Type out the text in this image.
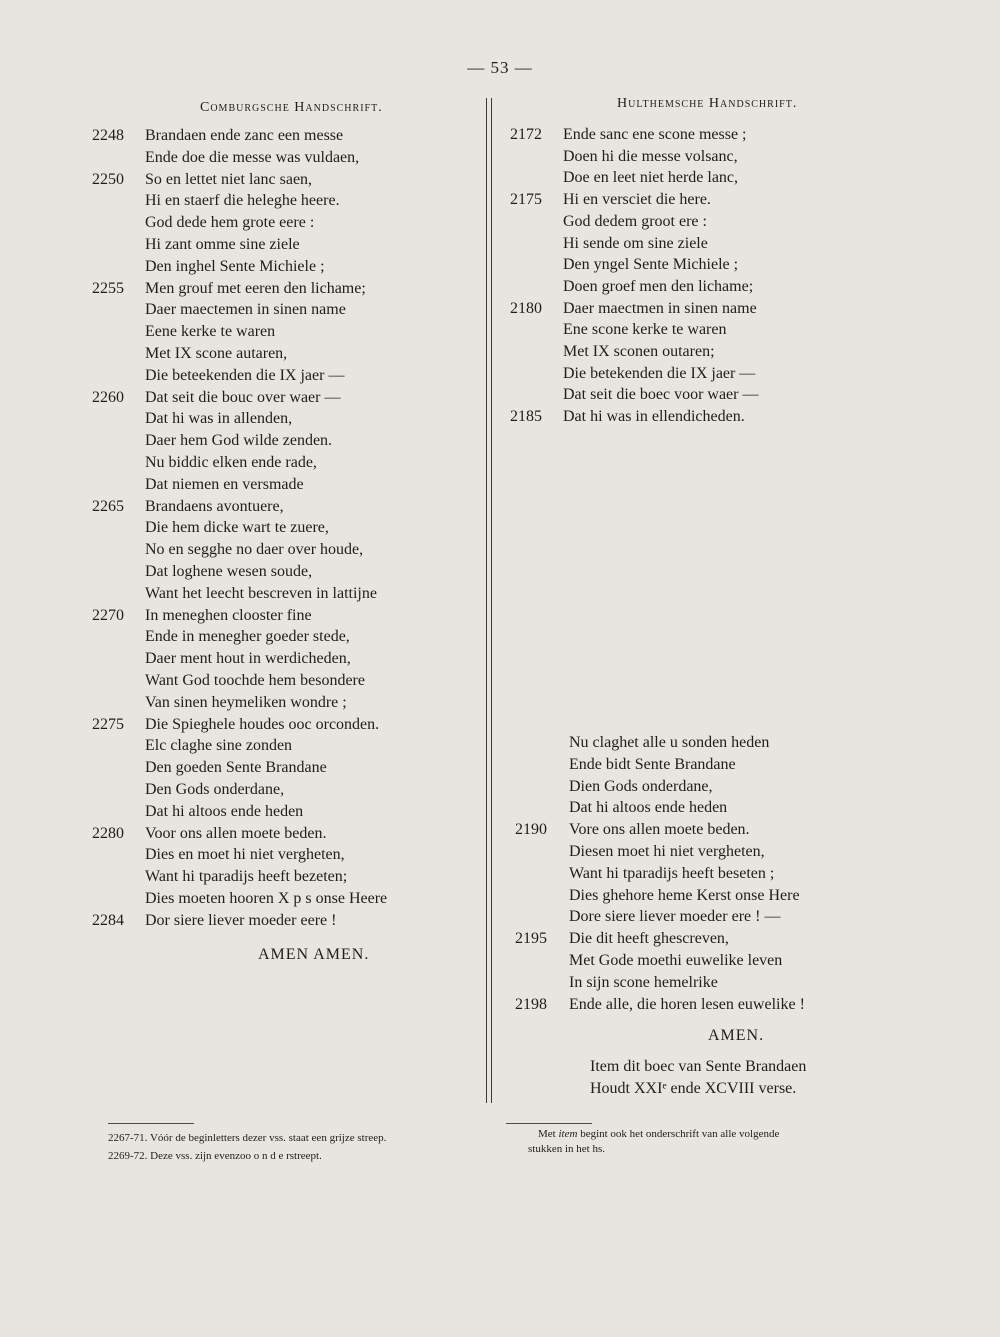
— 53 —
Comburgsche Handschrift.	Hulthemsche Handschrift.
2248 Brandaen ende zanc een messe
Ende doe die messe was vuldaen,
2250 So en lettet niet lanc saen,
Hi en staerf die heleghe heere.
God dede hem grote eere :
Hi zant omme sine ziele
Den inghel Sente Michiele ;
2255 Men grouf met eeren den lichame;
Daer maectemen in sinen name
Eene kerke te waren
Met IX scone autaren,
Die beteekenden die IX jaer —
2260 Dat seit die bouc over waer —
Dat hi was in allenden,
Daer hem God wilde zenden.
Nu biddic elken ende rade,
Dat niemen en versmade
2265 Brandaens avontuere,
Die hem dicke wart te zuere,
No en segghe no daer over houde,
Dat loghene wesen soude,
Want het leecht bescreven in lattijne
2270 In meneghen clooster fine
Ende in menegher goeder stede,
Daer ment hout in werdicheden,
Want God toochde hem besondere
Van sinen heymeliken wondre ;
2275 Die Spieghele houdes ooc orconden.
Elc claghe sine zonden
Den goeden Sente Brandane
Den Gods onderdane,
Dat hi altoos ende heden
2280 Voor ons allen moete beden.
Dies en moet hi niet vergheten,
Want hi tparadijs heeft bezeten;
Dies moeten hooren X p s onse Heere
2284 Dor siere liever moeder eere !
2172 Ende sanc ene scone messe ;
Doen hi die messe volsanc,
Doe en leet niet herde lanc,
2175 Hi en versciet die here.
God dedem groot ere :
Hi sende om sine ziele
Den yngel Sente Michiele ;
Doen groef men den lichame;
2180 Daer maectmen in sinen name
Ene scone kerke te waren
Met IX sconen outaren;
Die betekenden die IX jaer —
Dat seit die boec voor waer —
2185 Dat hi was in ellendicheden.
Nu claghet alle u sonden heden
Ende bidt Sente Brandane
Dien Gods onderdane,
Dat hi altoos ende heden
2190 Vore ons allen moete beden.
Diesen moet hi niet vergheten,
Want hi tparadijs heeft beseten ;
Dies ghehore heme Kerst onse Here
Dore siere liever moeder ere ! —
2195 Die dit heeft ghescreven,
Met Gode moethi euwelike leven
In sijn scone hemelrike
2198 Ende alle, die horen lesen euwelike !
AMEN AMEN.
AMEN.
Item dit boec van Sente Brandaen
Houdt XXIᵉ ende XCVIII verse.
2267-71. Vóór de beginletters dezer vss. staat een grijze streep.
2269-72. Deze vss. zijn evenzoo o n d e rstreept.
Met item begint ook het onderschrift van alle volgende
stukken in het hs.
